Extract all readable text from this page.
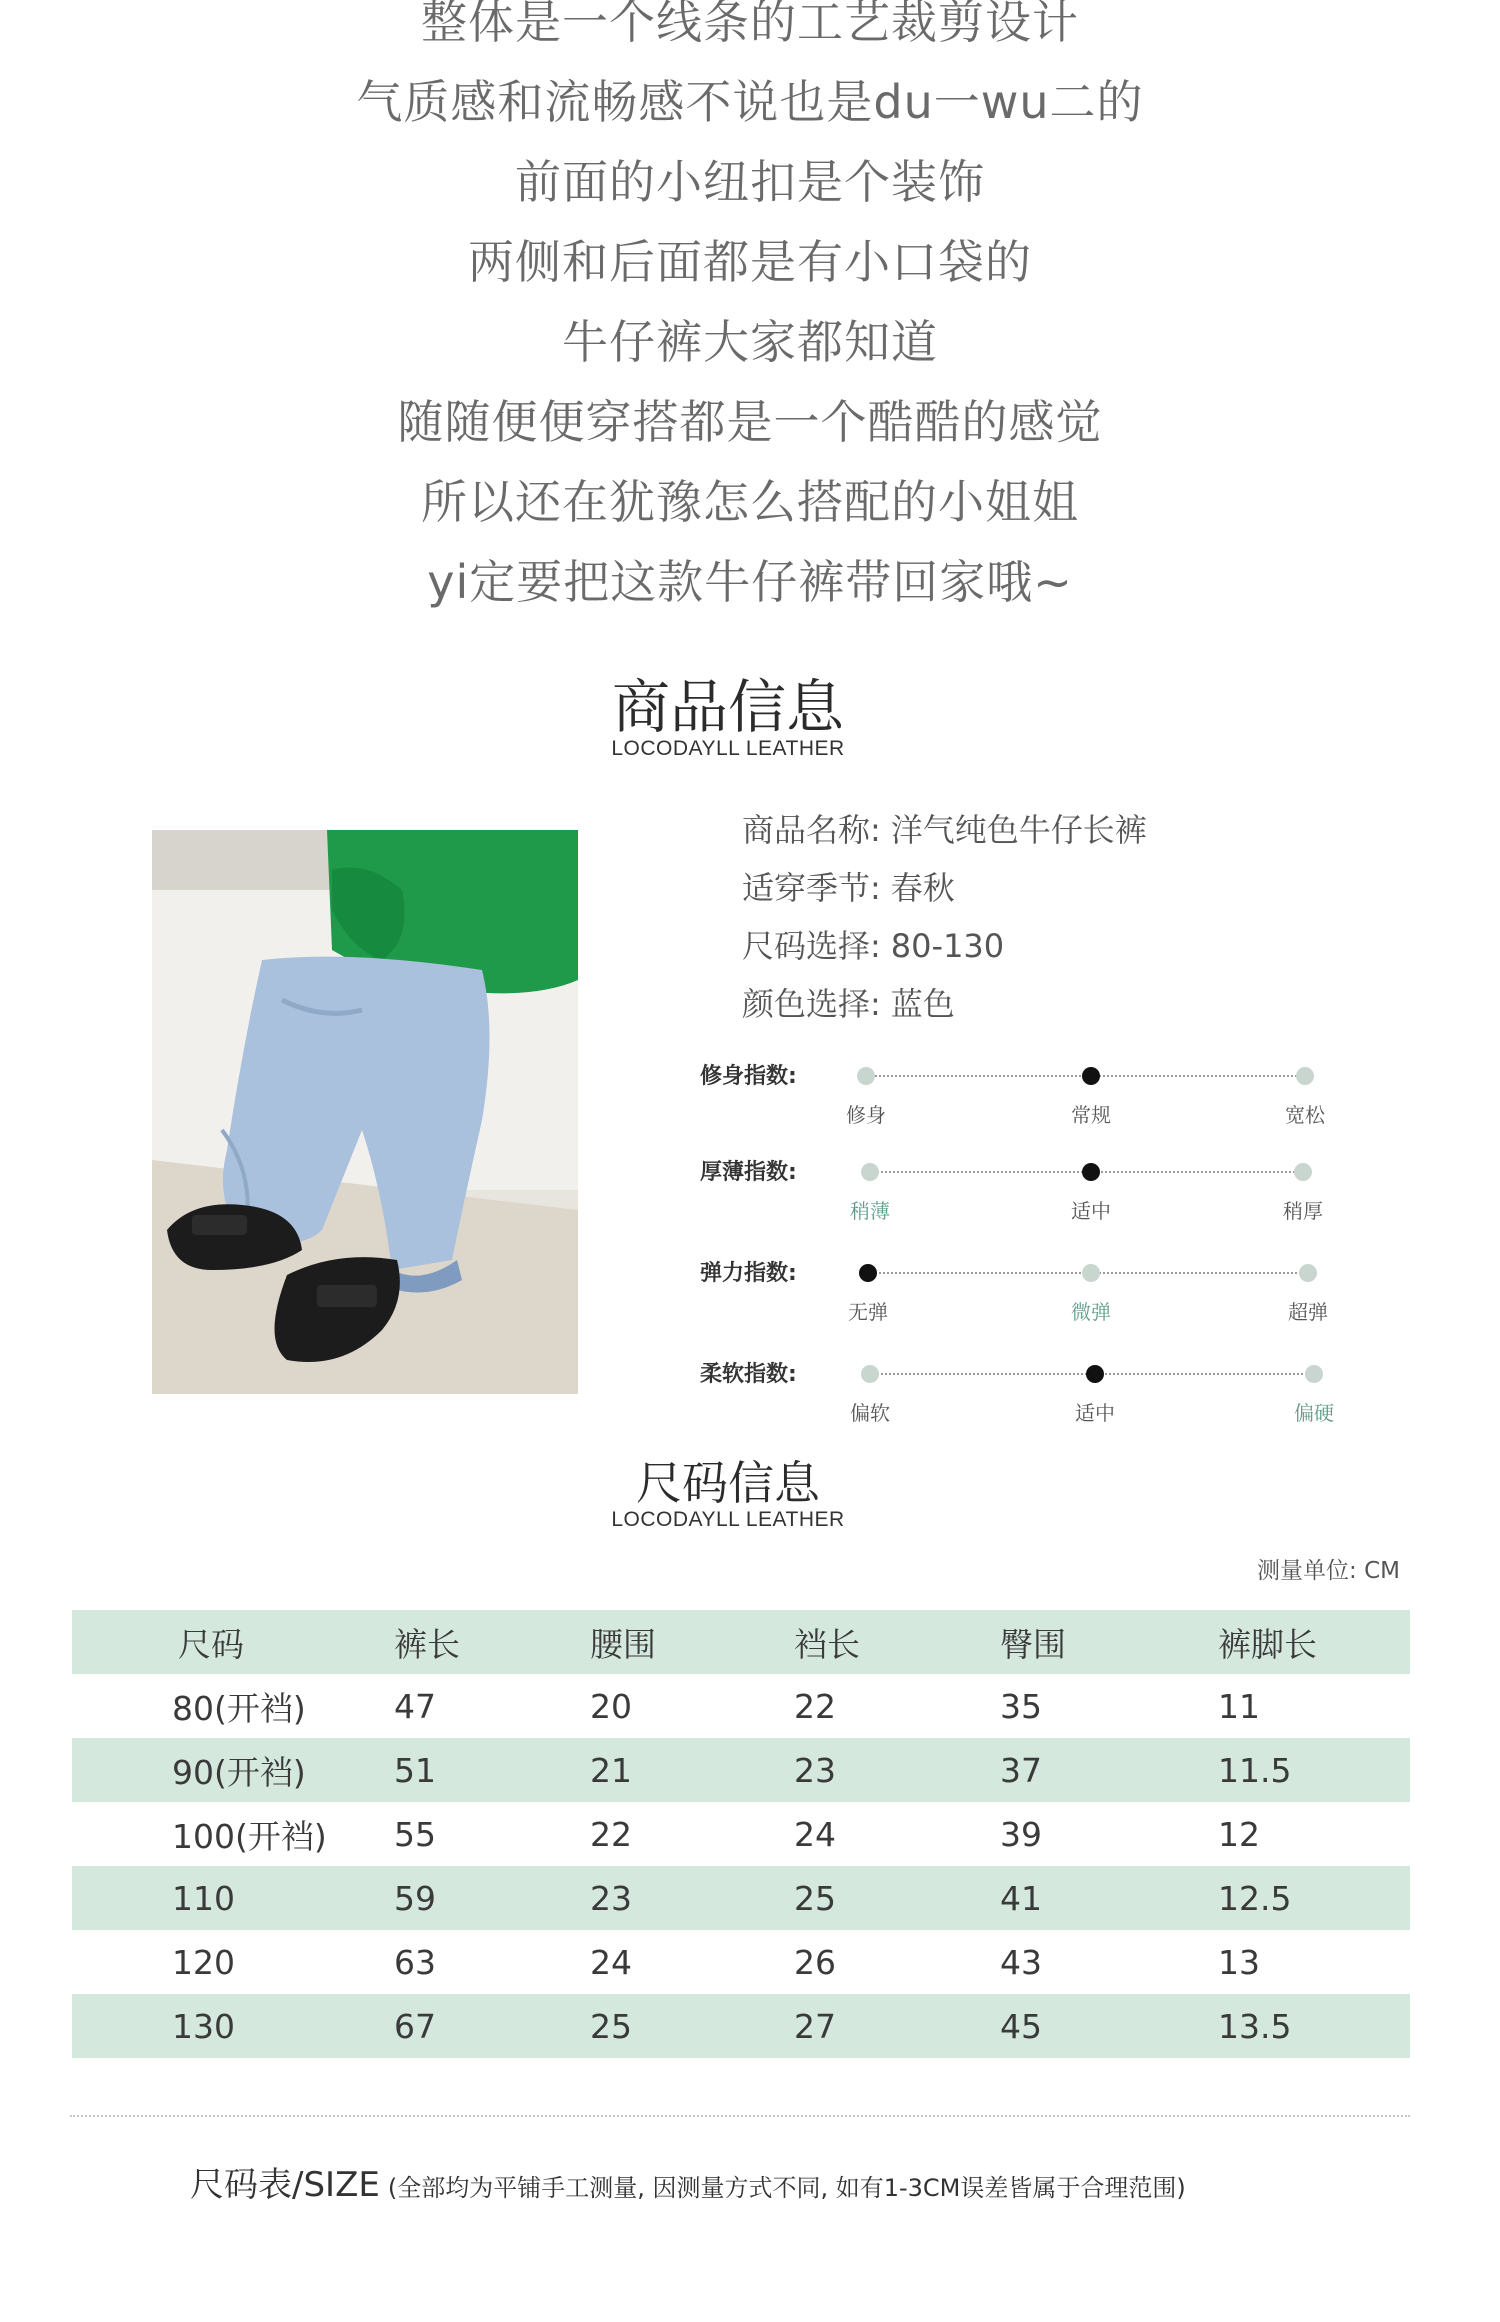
整体是一个线条的工艺裁剪设计
气质感和流畅感不说也是du一wu二的
前面的小纽扣是个装饰
两侧和后面都是有小口袋的
牛仔裤大家都知道
随随便便穿搭都是一个酷酷的感觉
所以还在犹豫怎么搭配的小姐姐
yi定要把这款牛仔裤带回家哦~
商品信息
LOCODAYLL LEATHER
商品名称: 洋气纯色牛仔长裤
适穿季节: 春秋
尺码选择: 80-130
颜色选择: 蓝色
修身指数:
修身	常规	宽松
厚薄指数:
稍薄	适中	稍厚
弹力指数:
无弹	微弹	超弹
柔软指数:
偏软	适中	偏硬
尺码信息
LOCODAYLL LEATHER
测量单位: CM
尺码	裤长	腰围	裆长	臀围	裤脚长
80(开裆)	47	20	22	35	11
90(开裆)	51	21	23	37	11.5
100(开裆)	55	22	24	39	12
110	59	23	25	41	12.5
120	63	24	26	43	13
130	67	25	27	45	13.5
尺码表/SIZE (全部均为平铺手工测量, 因测量方式不同, 如有1-3CM误差皆属于合理范围)
